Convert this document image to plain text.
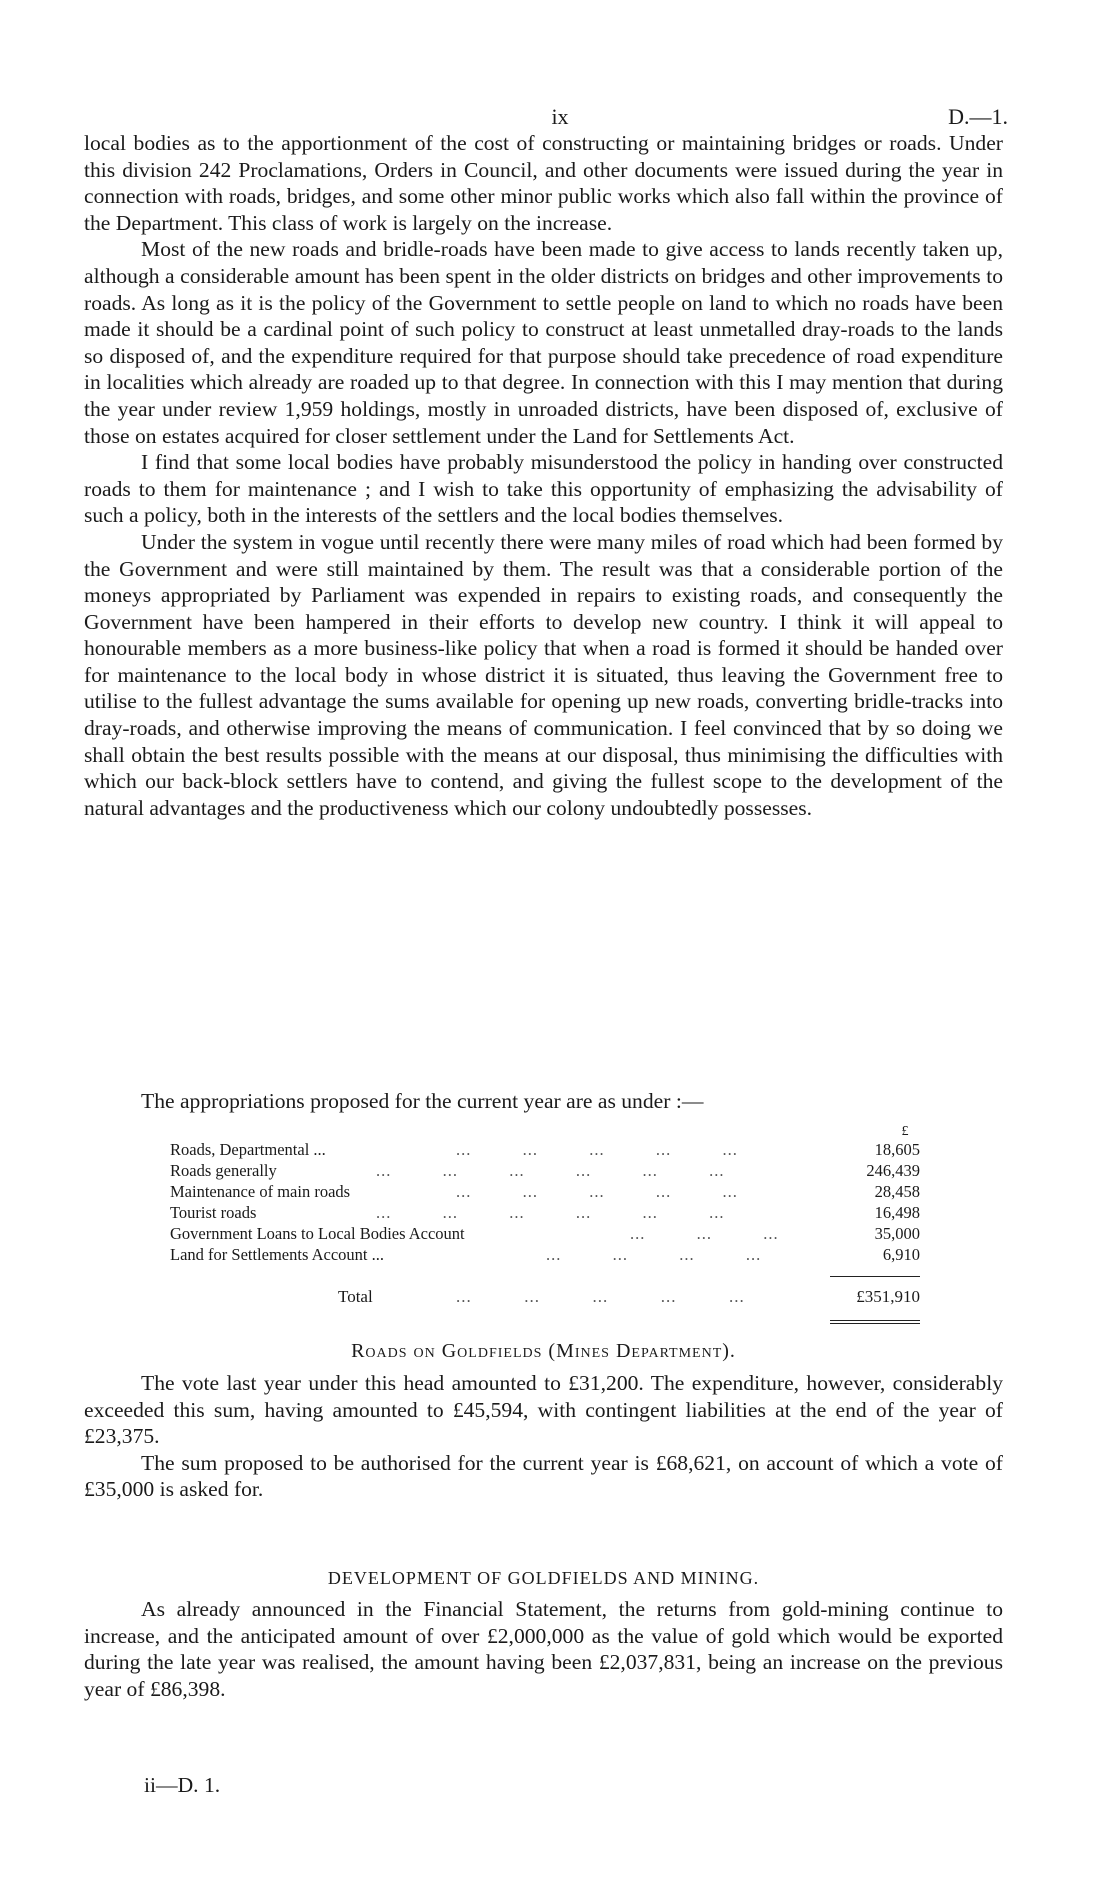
ix	D.—1.

local bodies as to the apportionment of the cost of constructing or maintaining bridges or roads. Under this division 242 Proclamations, Orders in Council, and other documents were issued during the year in connection with roads, bridges, and some other minor public works which also fall within the province of the Department. This class of work is largely on the increase.

Most of the new roads and bridle-roads have been made to give access to lands recently taken up, although a considerable amount has been spent in the older districts on bridges and other improvements to roads. As long as it is the policy of the Government to settle people on land to which no roads have been made it should be a cardinal point of such policy to construct at least unmetalled dray-roads to the lands so disposed of, and the expenditure required for that purpose should take precedence of road expenditure in localities which already are roaded up to that degree. In connection with this I may mention that during the year under review 1,959 holdings, mostly in unroaded districts, have been disposed of, exclusive of those on estates acquired for closer settlement under the Land for Settlements Act.

I find that some local bodies have probably misunderstood the policy in handing over constructed roads to them for maintenance ; and I wish to take this opportunity of emphasizing the advisability of such a policy, both in the interests of the settlers and the local bodies themselves.

Under the system in vogue until recently there were many miles of road which had been formed by the Government and were still maintained by them. The result was that a considerable portion of the moneys appropriated by Parliament was expended in repairs to existing roads, and consequently the Government have been hampered in their efforts to develop new country. I think it will appeal to honourable members as a more business-like policy that when a road is formed it should be handed over for maintenance to the local body in whose district it is situated, thus leaving the Government free to utilise to the fullest advantage the sums available for opening up new roads, converting bridle-tracks into dray-roads, and otherwise improving the means of communication. I feel convinced that by so doing we shall obtain the best results possible with the means at our disposal, thus minimising the difficulties with which our back-block settlers have to contend, and giving the fullest scope to the development of the natural advantages and the productiveness which our colony undoubtedly possesses.

The appropriations proposed for the current year are as under :—
£
Roads, Departmental ...	...          ...          ...          ...          ...	18,605
Roads generally	...          ...          ...          ...          ...          ...	246,439
Maintenance of main roads	...          ...          ...          ...          ...	28,458
Tourist roads	...          ...          ...          ...          ...          ...	16,498
Government Loans to Local Bodies Account	...          ...          ...	35,000
Land for Settlements Account ...	...          ...          ...          ...	6,910
Total	...          ...          ...          ...          ...	£351,910
Roads on Goldfields (Mines Department).

The vote last year under this head amounted to £31,200. The expenditure, however, considerably exceeded this sum, having amounted to £45,594, with contingent liabilities at the end of the year of £23,375.

The sum proposed to be authorised for the current year is £68,621, on account of which a vote of £35,000 is asked for.

DEVELOPMENT OF GOLDFIELDS AND MINING.

As already announced in the Financial Statement, the returns from gold-mining continue to increase, and the anticipated amount of over £2,000,000 as the value of gold which would be exported during the late year was realised, the amount having been £2,037,831, being an increase on the previous year of £86,398.

ii—D. 1.
